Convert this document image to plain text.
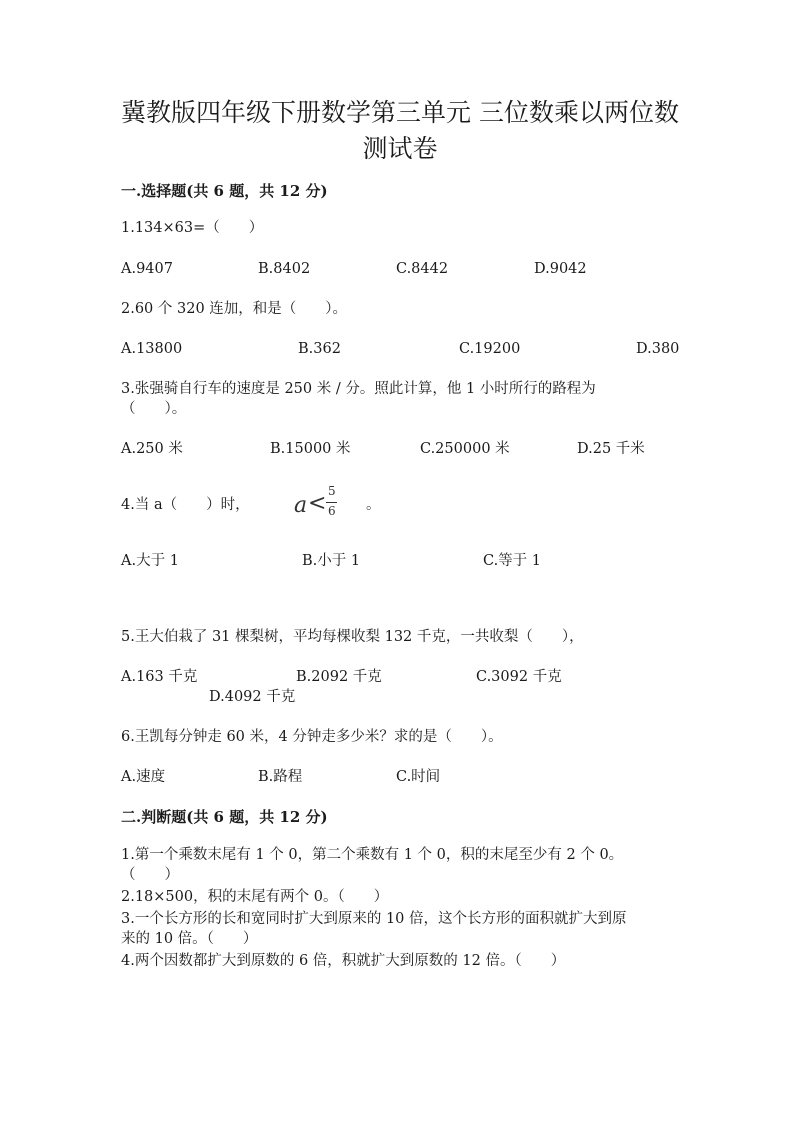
冀教版四年级下册数学第三单元 三位数乘以两位数
测试卷
一.选择题(共 6 题，共 12 分)
1.134×63=（　　）
A.9407	B.8402	C.8442	D.9042
2.60 个 320 连加，和是（　　）。
A.13800	B.362	C.19200	D.380
3.张强骑自行车的速度是 250 米 / 分。照此计算，他 1 小时所行的路程为
（　　）。
A.250 米	B.15000 米	C.250000 米	D.25 千米
4.当 a（　　）时， a < 5
6 。
A.大于 1	B.小于 1	C.等于 1
5.王大伯栽了 31 棵梨树，平均每棵收梨 132 千克，一共收梨（　　），
A.163 千克	B.2092 千克	C.3092 千克
D.4092 千克
6.王凯每分钟走 60 米，4 分钟走多少米？求的是（　　）。
A.速度	B.路程	C.时间
二.判断题(共 6 题，共 12 分)
1.第一个乘数末尾有 1 个 0，第二个乘数有 1 个 0，积的末尾至少有 2 个 0。
（　　）
2.18×500，积的末尾有两个 0。（　　）
3.一个长方形的长和宽同时扩大到原来的 10 倍，这个长方形的面积就扩大到原
来的 10 倍。（　　）
4.两个因数都扩大到原数的 6 倍，积就扩大到原数的 12 倍。（　　）
